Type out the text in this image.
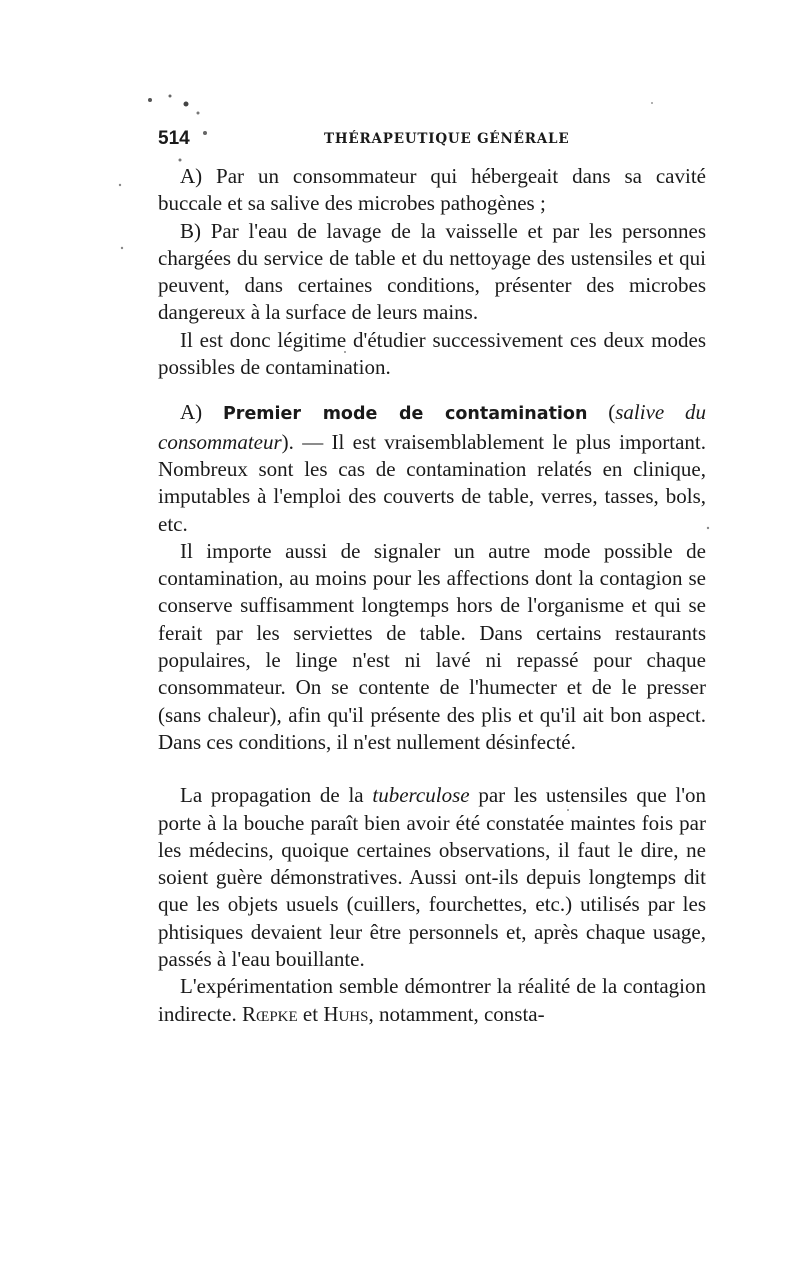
514	THÉRAPEUTIQUE GÉNÉRALE

A) Par un consommateur qui hébergeait dans sa cavité buccale et sa salive des microbes pathogènes ;

B) Par l'eau de lavage de la vaisselle et par les personnes chargées du service de table et du nettoyage des ustensiles et qui peuvent, dans certaines conditions, présenter des microbes dangereux à la surface de leurs mains.

Il est donc légitime d'étudier successivement ces deux modes possibles de contamination.

A) Premier mode de contamination (salive du consommateur). — Il est vraisemblablement le plus important. Nombreux sont les cas de contamination relatés en clinique, imputables à l'emploi des couverts de table, verres, tasses, bols, etc.

Il importe aussi de signaler un autre mode possible de contamination, au moins pour les affections dont la contagion se conserve suffisamment longtemps hors de l'organisme et qui se ferait par les serviettes de table. Dans certains restaurants populaires, le linge n'est ni lavé ni repassé pour chaque consommateur. On se contente de l'humecter et de le presser (sans chaleur), afin qu'il présente des plis et qu'il ait bon aspect. Dans ces conditions, il n'est nullement désinfecté.

La propagation de la tuberculose par les ustensiles que l'on porte à la bouche paraît bien avoir été constatée maintes fois par les médecins, quoique certaines observations, il faut le dire, ne soient guère démonstratives. Aussi ont-ils depuis longtemps dit que les objets usuels (cuillers, fourchettes, etc.) utilisés par les phtisiques devaient leur être personnels et, après chaque usage, passés à l'eau bouillante.

L'expérimentation semble démontrer la réalité de la contagion indirecte. Rœpke et Huhs, notamment, consta-
